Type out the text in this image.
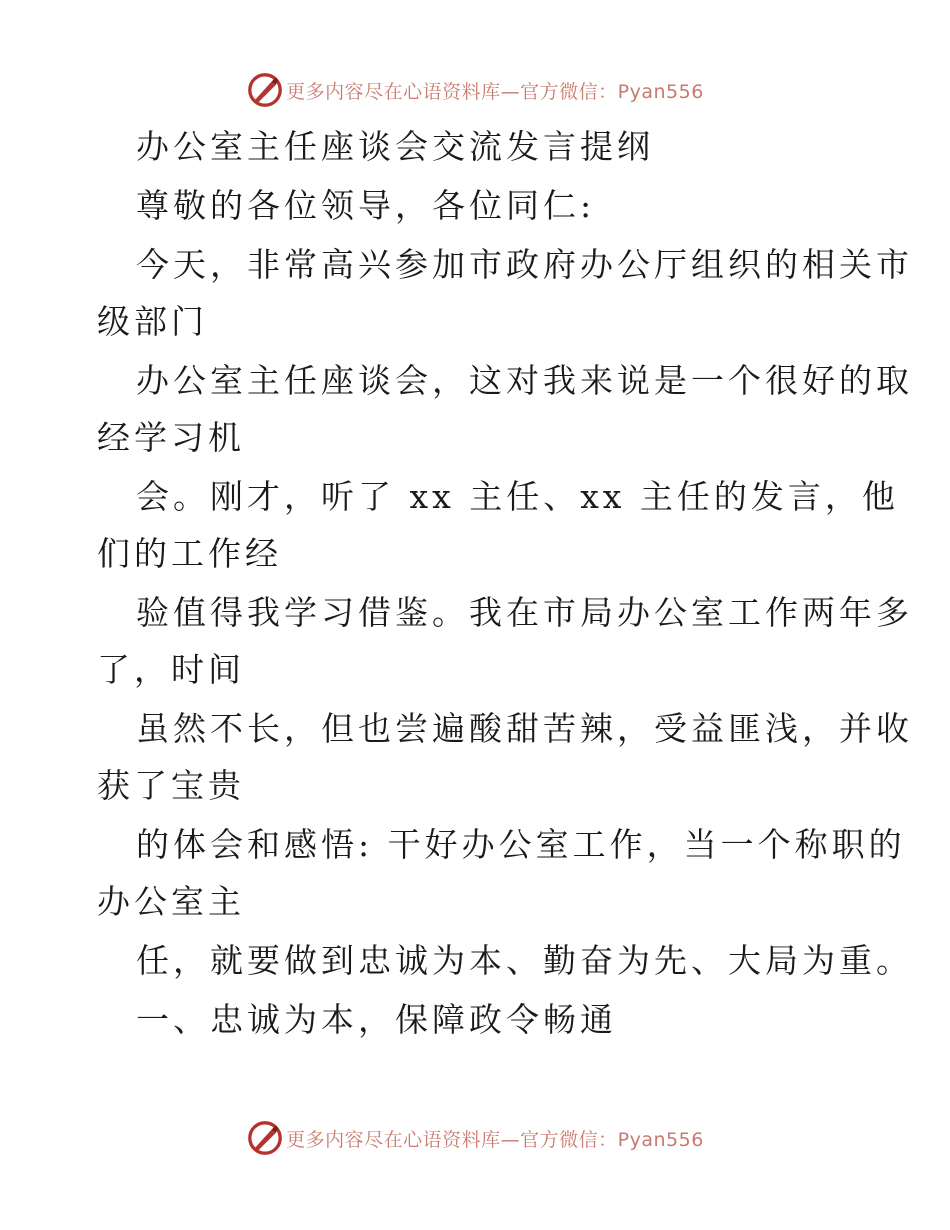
更多内容尽在心语资料库—官方微信：Pyan556
办公室主任座谈会交流发言提纲
尊敬的各位领导，各位同仁:
今天，非常高兴参加市政府办公厅组织的相关市
级部门
办公室主任座谈会，这对我来说是一个很好的取
经学习机
会。刚才，听了 xx 主任、xx 主任的发言，他
们的工作经
验值得我学习借鉴。我在市局办公室工作两年多
了，时间
虽然不长，但也尝遍酸甜苦辣，受益匪浅，并收
获了宝贵
的体会和感悟: 干好办公室工作，当一个称职的
办公室主
任，就要做到忠诚为本、勤奋为先、大局为重。
一、忠诚为本，保障政令畅通
更多内容尽在心语资料库—官方微信：Pyan556
